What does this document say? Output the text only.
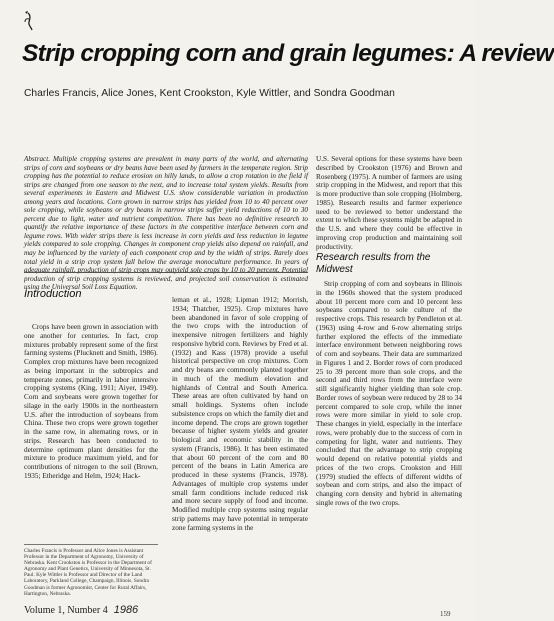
Strip cropping corn and grain legumes: A review
Charles Francis, Alice Jones, Kent Crookston, Kyle Wittler, and Sondra Goodman
Abstract. Multiple cropping systems are prevalent in many parts of the world, and alternating strips of corn and soybeans or dry beans have been used by farmers in the temperate region. Strip cropping has the potential to reduce erosion on hilly lands, to allow a crop rotation in the field if strips are changed from one season to the next, and to increase total system yields. Results from several experiments in Eastern and Midwest U.S. show considerable variation in production among years and locations. Corn grown in narrow strips has yielded from 10 to 40 percent over sole cropping, while soybeans or dry beans in narrow strips suffer yield reductions of 10 to 30 percent due to light, water and nutrient competition. There has been no definitive research to quantify the relative importance of these factors in the competitive interface between corn and legume rows. With wider strips there is less increase in corn yields and less reduction in legume yields compared to sole cropping. Changes in component crop yields also depend on rainfall, and may be influenced by the variety of each component crop and by the width of strips. Rarely does total yield in a strip crop system fall below the average monoculture performance. In years of adequate rainfall, production of strip crops may outyield sole crops by 10 to 20 percent. Potential production of strip cropping systems is reviewed, and projected soil conservation is estimated using the Universal Soil Loss Equation.
U.S. Several options for these systems have been described by Crookston (1976) and Brown and Rosenberg (1975). A number of farmers are using strip cropping in the Midwest, and report that this is more productive than sole cropping (Holmberg, 1985). Research results and farmer experience need to be reviewed to better understand the extent to which these systems might be adapted in the U.S. and where they could be effective in improving crop production and maintaining soil productivity.
Research results from the Midwest
Strip cropping of corn and soybeans in Illinois in the 1960s showed that the system produced about 10 percent more corn and 10 percent less soybeans compared to sole culture of the respective crops. This research by Pendleton et al. (1963) using 4-row and 6-row alternating strips further explored the effects of the immediate interface environment between neighboring rows of corn and soybeans. Their data are summarized in Figures 1 and 2. Border rows of corn produced 25 to 39 percent more than sole crops, and the second and third rows from the interface were still significantly higher yielding than sole crop. Border rows of soybean were reduced by 28 to 34 percent compared to sole crop, while the inner rows were more similar in yield to sole crop. These changes in yield, especially in the interface rows, were probably due to the success of corn in competing for light, water and nutrients. They concluded that the advantage to strip cropping would depend on relative potential yields and prices of the two crops. Crookston and Hill (1979) studied the effects of different widths of soybean and corn strips, and also the impact of changing corn density and hybrid in alternating single rows of the two crops.
Introduction
Crops have been grown in association with one another for centuries. In fact, crop mixtures probably represent some of the first farming systems (Plucknett and Smith, 1986). Complex crop mixtures have been recognized as being important in the subtropics and temperate zones, primarily in labor intensive cropping systems (King, 1911; Aiyer, 1949). Corn and soybeans were grown together for silage in the early 1900s in the northeastern U.S. after the introduction of soybeans from China. These two crops were grown together in the same row, in alternating rows, or in strips. Research has been conducted to determine optimum plant densities for the mixture to produce maximum yield, and for contributions of nitrogen to the soil (Brown, 1935; Etheridge and Helm, 1924; Hack-
leman et al., 1928; Lipman 1912; Morrish, 1934; Thatcher, 1925). Crop mixtures have been abandoned in favor of sole cropping of the two crops with the introduction of inexpensive nitrogen fertilizers and highly responsive hybrid corn. Reviews by Fred et al. (1932) and Kass (1978) provide a useful historical perspective on crop mixtures. Corn and dry beans are commonly planted together in much of the medium elevation and highlands of Central and South America. These areas are often cultivated by hand on small holdings. Systems often include subsistence crops on which the family diet and income depend. The crops are grown together because of higher system yields and greater biological and economic stability in the system (Francis, 1986). It has been estimated that about 60 percent of the corn and 80 percent of the beans in Latin America are produced in these systems (Francis, 1978). Advantages of multiple crop systems under small farm conditions include reduced risk and more secure supply of food and income. Modified multiple crop systems using regular strip patterns may have potential in temperate zone farming systems in the
Charles Francis is Professor and Alice Jones is Assistant Professor in the Department of Agronomy, University of Nebraska. Kent Crookston is Professor in the Department of Agronomy and Plant Genetics, University of Minnesota, St. Paul. Kyle Wittler is Professor and Director of the Land Laboratory, Parkland College, Champaign, Illinois. Sondra Goodman is former Agronomist, Center for Rural Affairs, Hartington, Nebraska.
Volume 1, Number 4 1986	159
